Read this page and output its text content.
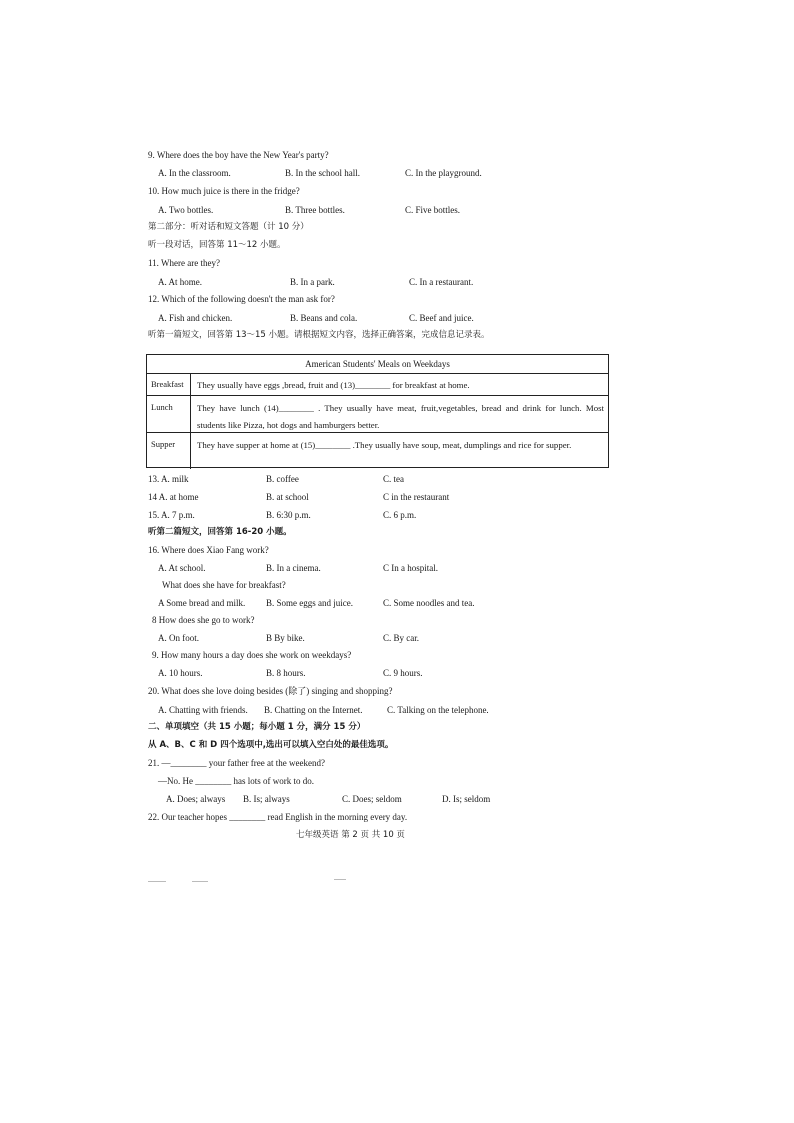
9. Where does the boy have the New Year's party?
A. In the classroom.	B. In the school hall.	C. In the playground.
10. How much juice is there in the fridge?
A. Two bottles.	B. Three bottles.	C. Five bottles.
第二部分：听对话和短文答题（计 10 分）
听一段对话，回答第 11～12 小题。
11. Where are they?
A. At home.	B. In a park.	C. In a restaurant.
12. Which of the following doesn't the man ask for?
A. Fish and chicken.	B. Beans and cola.	C. Beef and juice.
听第一篇短文，回答第 13～15 小题。请根据短文内容，选择正确答案，完成信息记录表。
American Students' Meals on Weekdays
Breakfast	They usually have eggs ,bread, fruit and (13)________ for breakfast at home.
Lunch	They have lunch (14)________ . They usually have meat, fruit,vegetables, bread and drink for lunch. Most students like Pizza, hot dogs and hamburgers better.
Supper	They have supper at home at (15)________ .They usually have soup, meat, dumplings and rice for supper.
13. A. milk	B. coffee	C. tea
14 A. at home	B. at school	C in the restaurant
15. A. 7 p.m.	B. 6:30 p.m.	C. 6 p.m.
听第二篇短文，回答第 16-20 小题。
16. Where does Xiao Fang work?
A. At school.	B. In a cinema.	C In a hospital.
What does she have for breakfast?
A Some bread and milk. B. Some eggs and juice.	C. Some noodles and tea.
8 How does she go to work?
A. On foot.	B By bike.	C. By car.
9. How many hours a day does she work on weekdays?
A. 10 hours.	B. 8 hours.	C. 9 hours.
20. What does she love doing besides (除了) singing and shopping?
A. Chatting with friends. B. Chatting on the Internet.	C. Talking on the telephone.
二、单项填空（共 15 小题；每小题 1 分，满分 15 分）
从 A、B、C 和 D 四个选项中,选出可以填入空白处的最佳选项。
21. —________ your father free at the weekend?
—No. He ________ has lots of work to do.
A. Does; always B. Is; always	C. Does; seldom	D. Is; seldom
22. Our teacher hopes ________ read English in the morning every day.
七年级英语 第 2 页 共 10 页
